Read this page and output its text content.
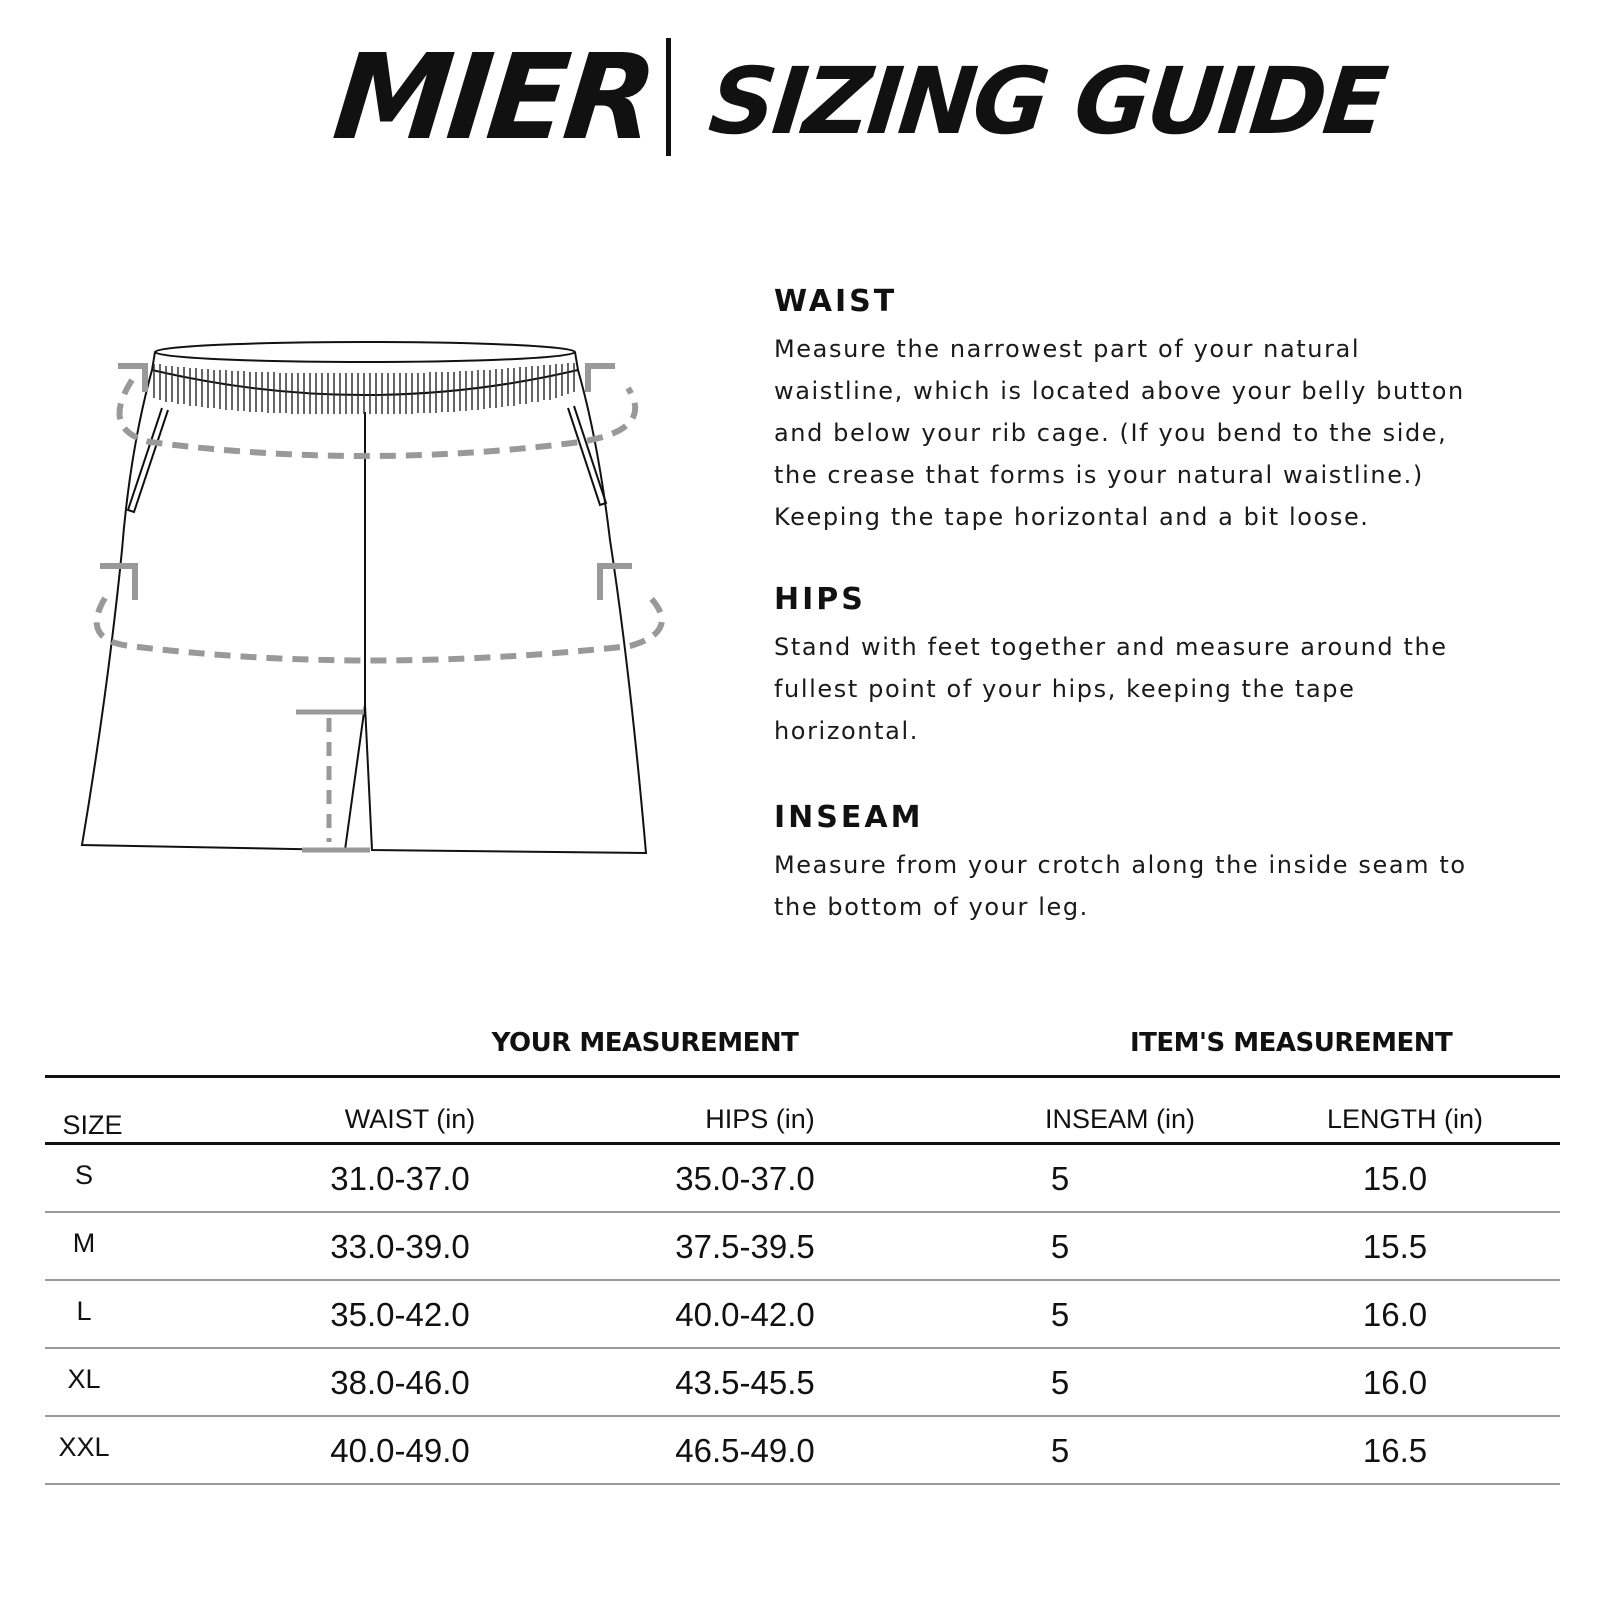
MIER SIZING GUIDE
WAIST

Measure the narrowest part of your natural
waistline, which is located above your belly button
and below your rib cage. (If you bend to the side,
the crease that forms is your natural waistline.)
Keeping the tape horizontal and a bit loose.

HIPS

Stand with feet together and measure around the
fullest point of your hips, keeping the tape
horizontal.

INSEAM

Measure from your crotch along the inside seam to
the bottom of your leg.

YOUR MEASUREMENT	ITEM'S MEASUREMENT
SIZE	WAIST (in)	HIPS (in)	INSEAM (in)	LENGTH (in)
S	31.0-37.0	35.0-37.0	5	15.0
M	33.0-39.0	37.5-39.5	5	15.5
L	35.0-42.0	40.0-42.0	5	16.0
XL	38.0-46.0	43.5-45.5	5	16.0
XXL	40.0-49.0	46.5-49.0	5	16.5
